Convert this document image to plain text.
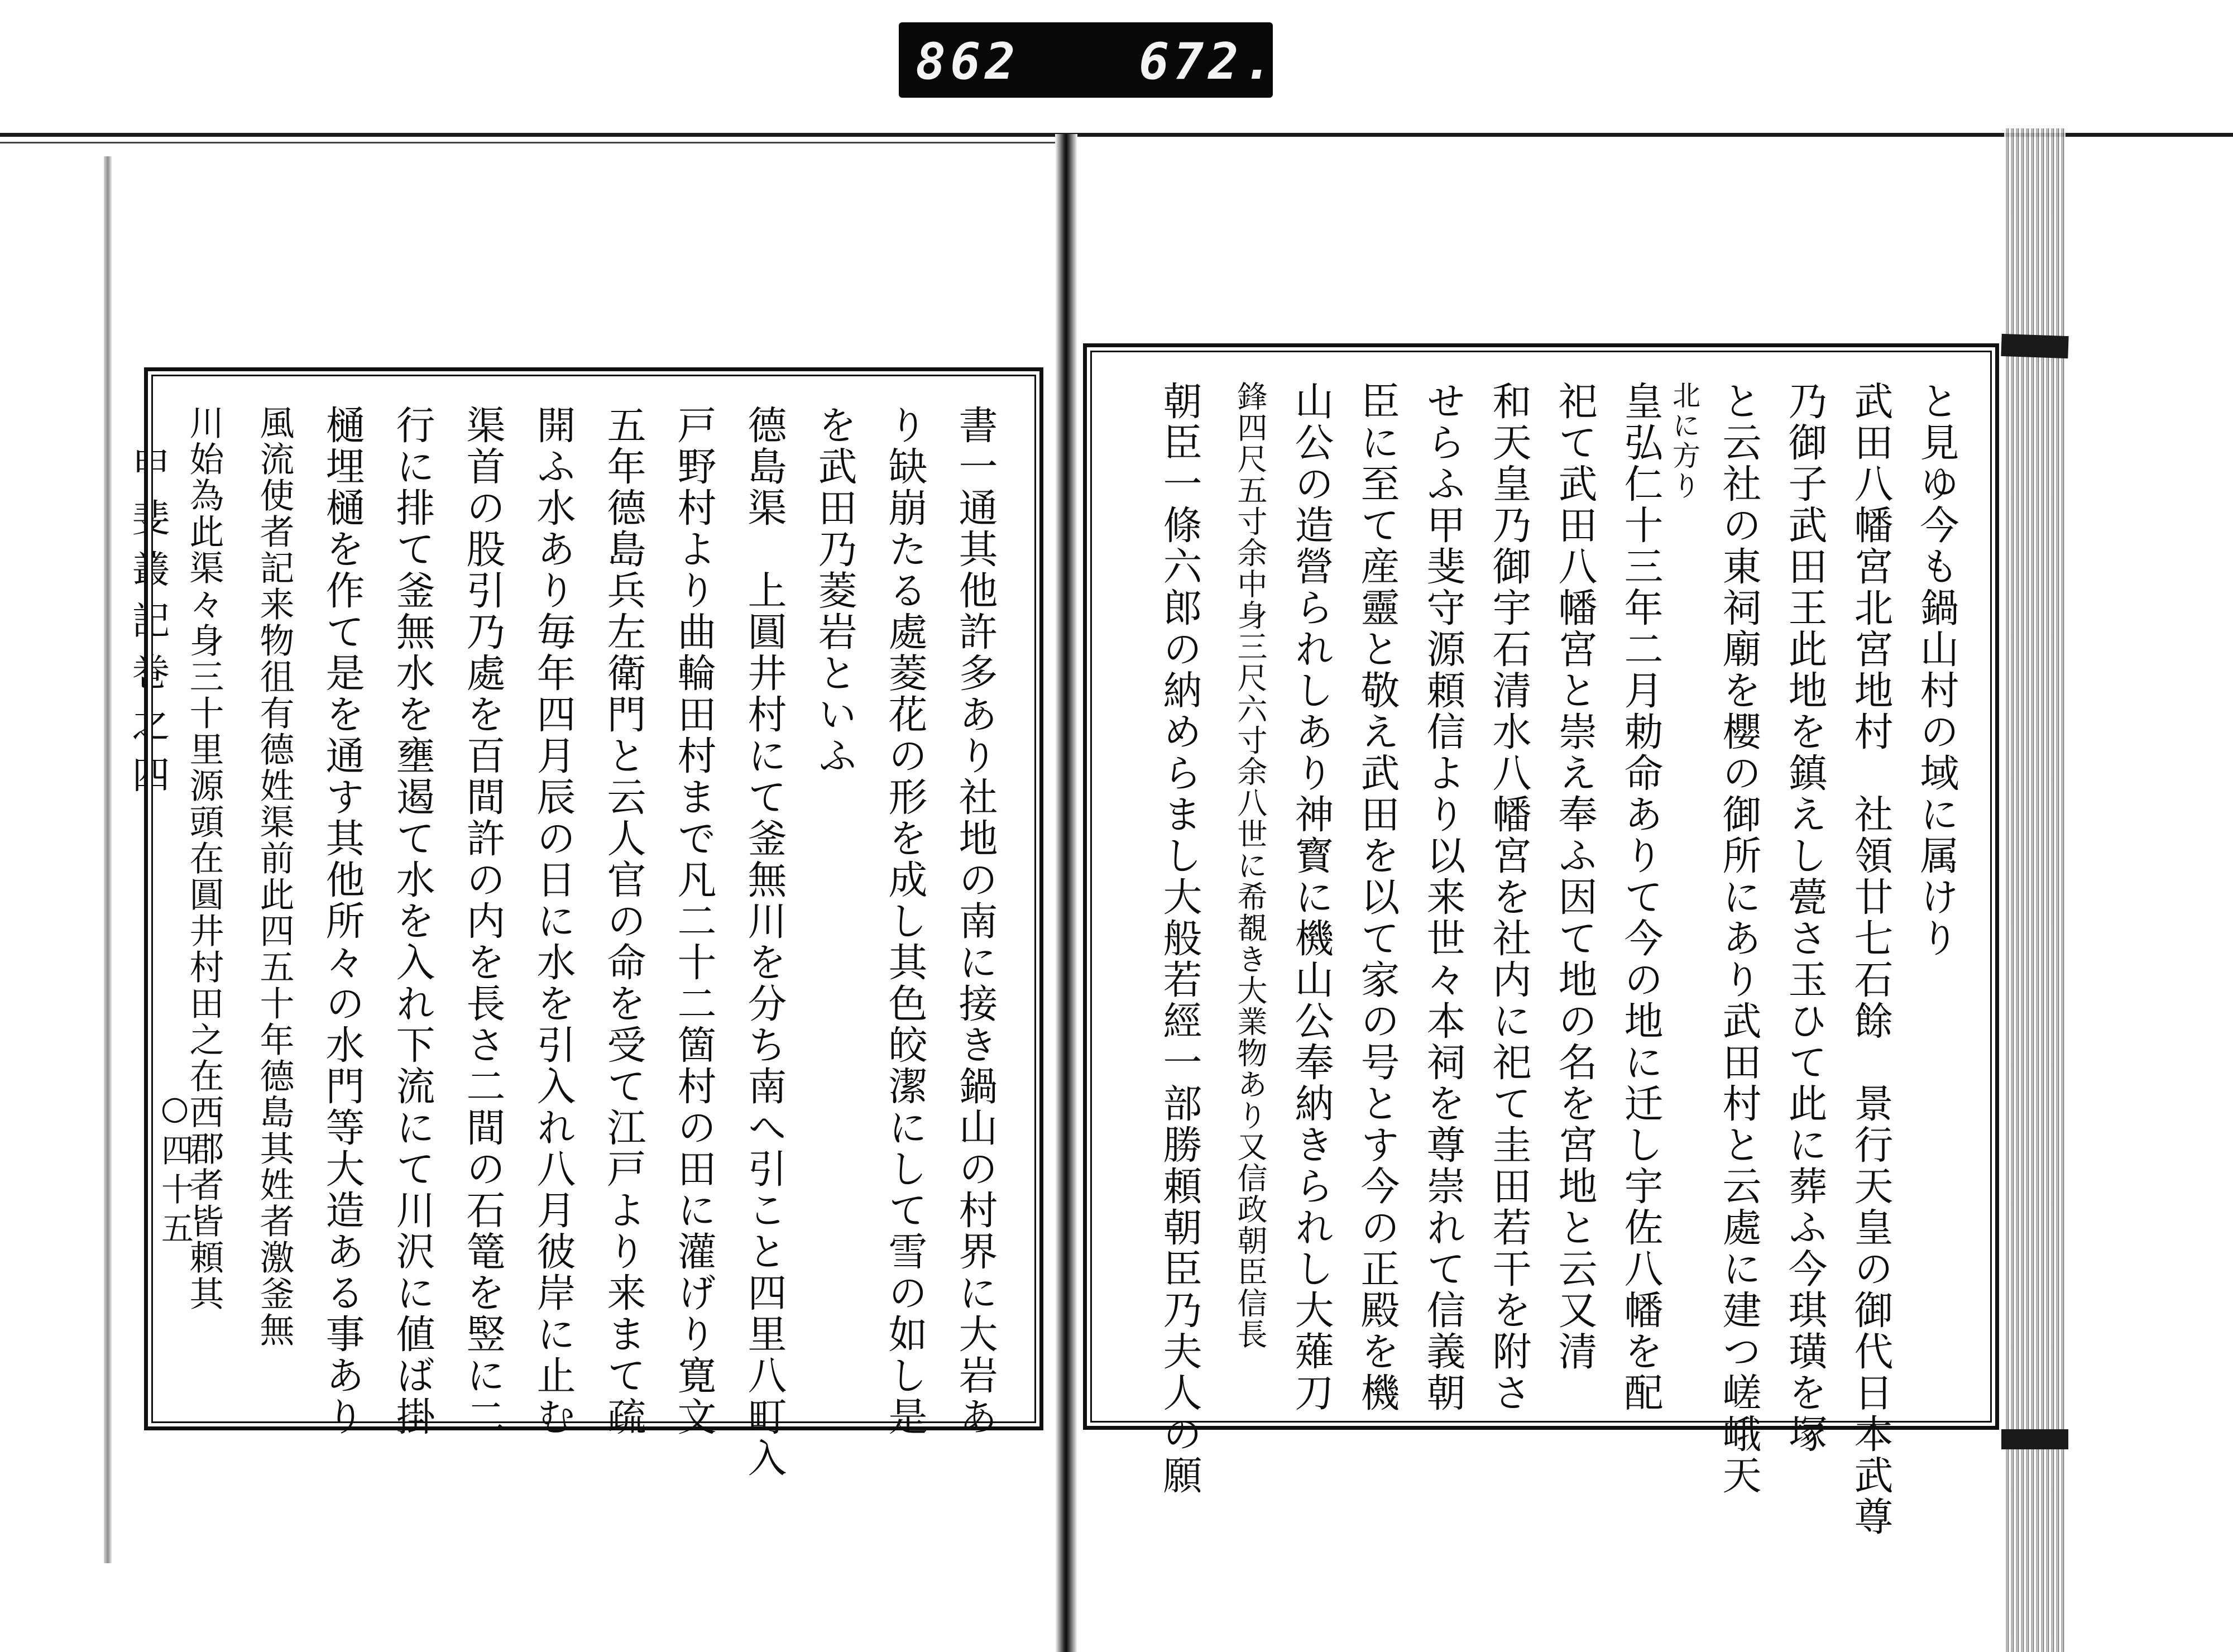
862 672.
甲斐叢記巻之四
○四十五	書一通其他許多あり社地の南に接き鍋山の村界に大岩あ
り缺崩たる處菱花の形を成し其色皎潔にして雪の如し是
を武田乃菱岩といふ
德島渠　上圓井村にて釜無川を分ち南へ引こと四里八町入
戸野村より曲輪田村まで凡二十二箇村の田に灌げり寛文
五年德島兵左衛門と云人官の命を受て江戸より来まて疏
開ふ水あり毎年四月辰の日に水を引入れ八月彼岸に止む
渠首の股引乃處を百間許の内を長さ二間の石篭を竪に二
行に排て釜無水を壅遏て水を入れ下流にて川沢に値ば掛
樋埋樋を作て是を通す其他所々の水門等大造ある事あり
風流使者記来物徂有德姓渠前此四五十年德島其姓者激釜無
川始為此渠々身三十里源頭在圓井村田之在西郡者皆頼其	と見ゆ今も鍋山村の域に属けり
武田八幡宮北宮地村　社領廿七石餘　景行天皇の御代日本武尊
乃御子武田王此地を鎮えし甍さ玉ひて此に葬ふ今琪璜を塚
と云社の東祠廟を櫻の御所にあり武田村と云處に建つ嵯峨天
北に方り
皇弘仁十三年二月勅命ありて今の地に迁し宇佐八幡を配
祀て武田八幡宮と崇え奉ふ因て地の名を宮地と云又清
和天皇乃御宇石清水八幡宮を社内に祀て圭田若干を附さ
せらふ甲斐守源頼信より以来世々本祠を尊崇れて信義朝
臣に至て産靈と敬え武田を以て家の号とす今の正殿を機
山公の造營られしあり神寳に機山公奉納きられし大薙刀
鋒四尺五寸余中身三尺六寸余八世に希覩き大業物あり又信政朝臣信長
朝臣一條六郎の納めらまし大般若經一部勝頼朝臣乃夫人の願
